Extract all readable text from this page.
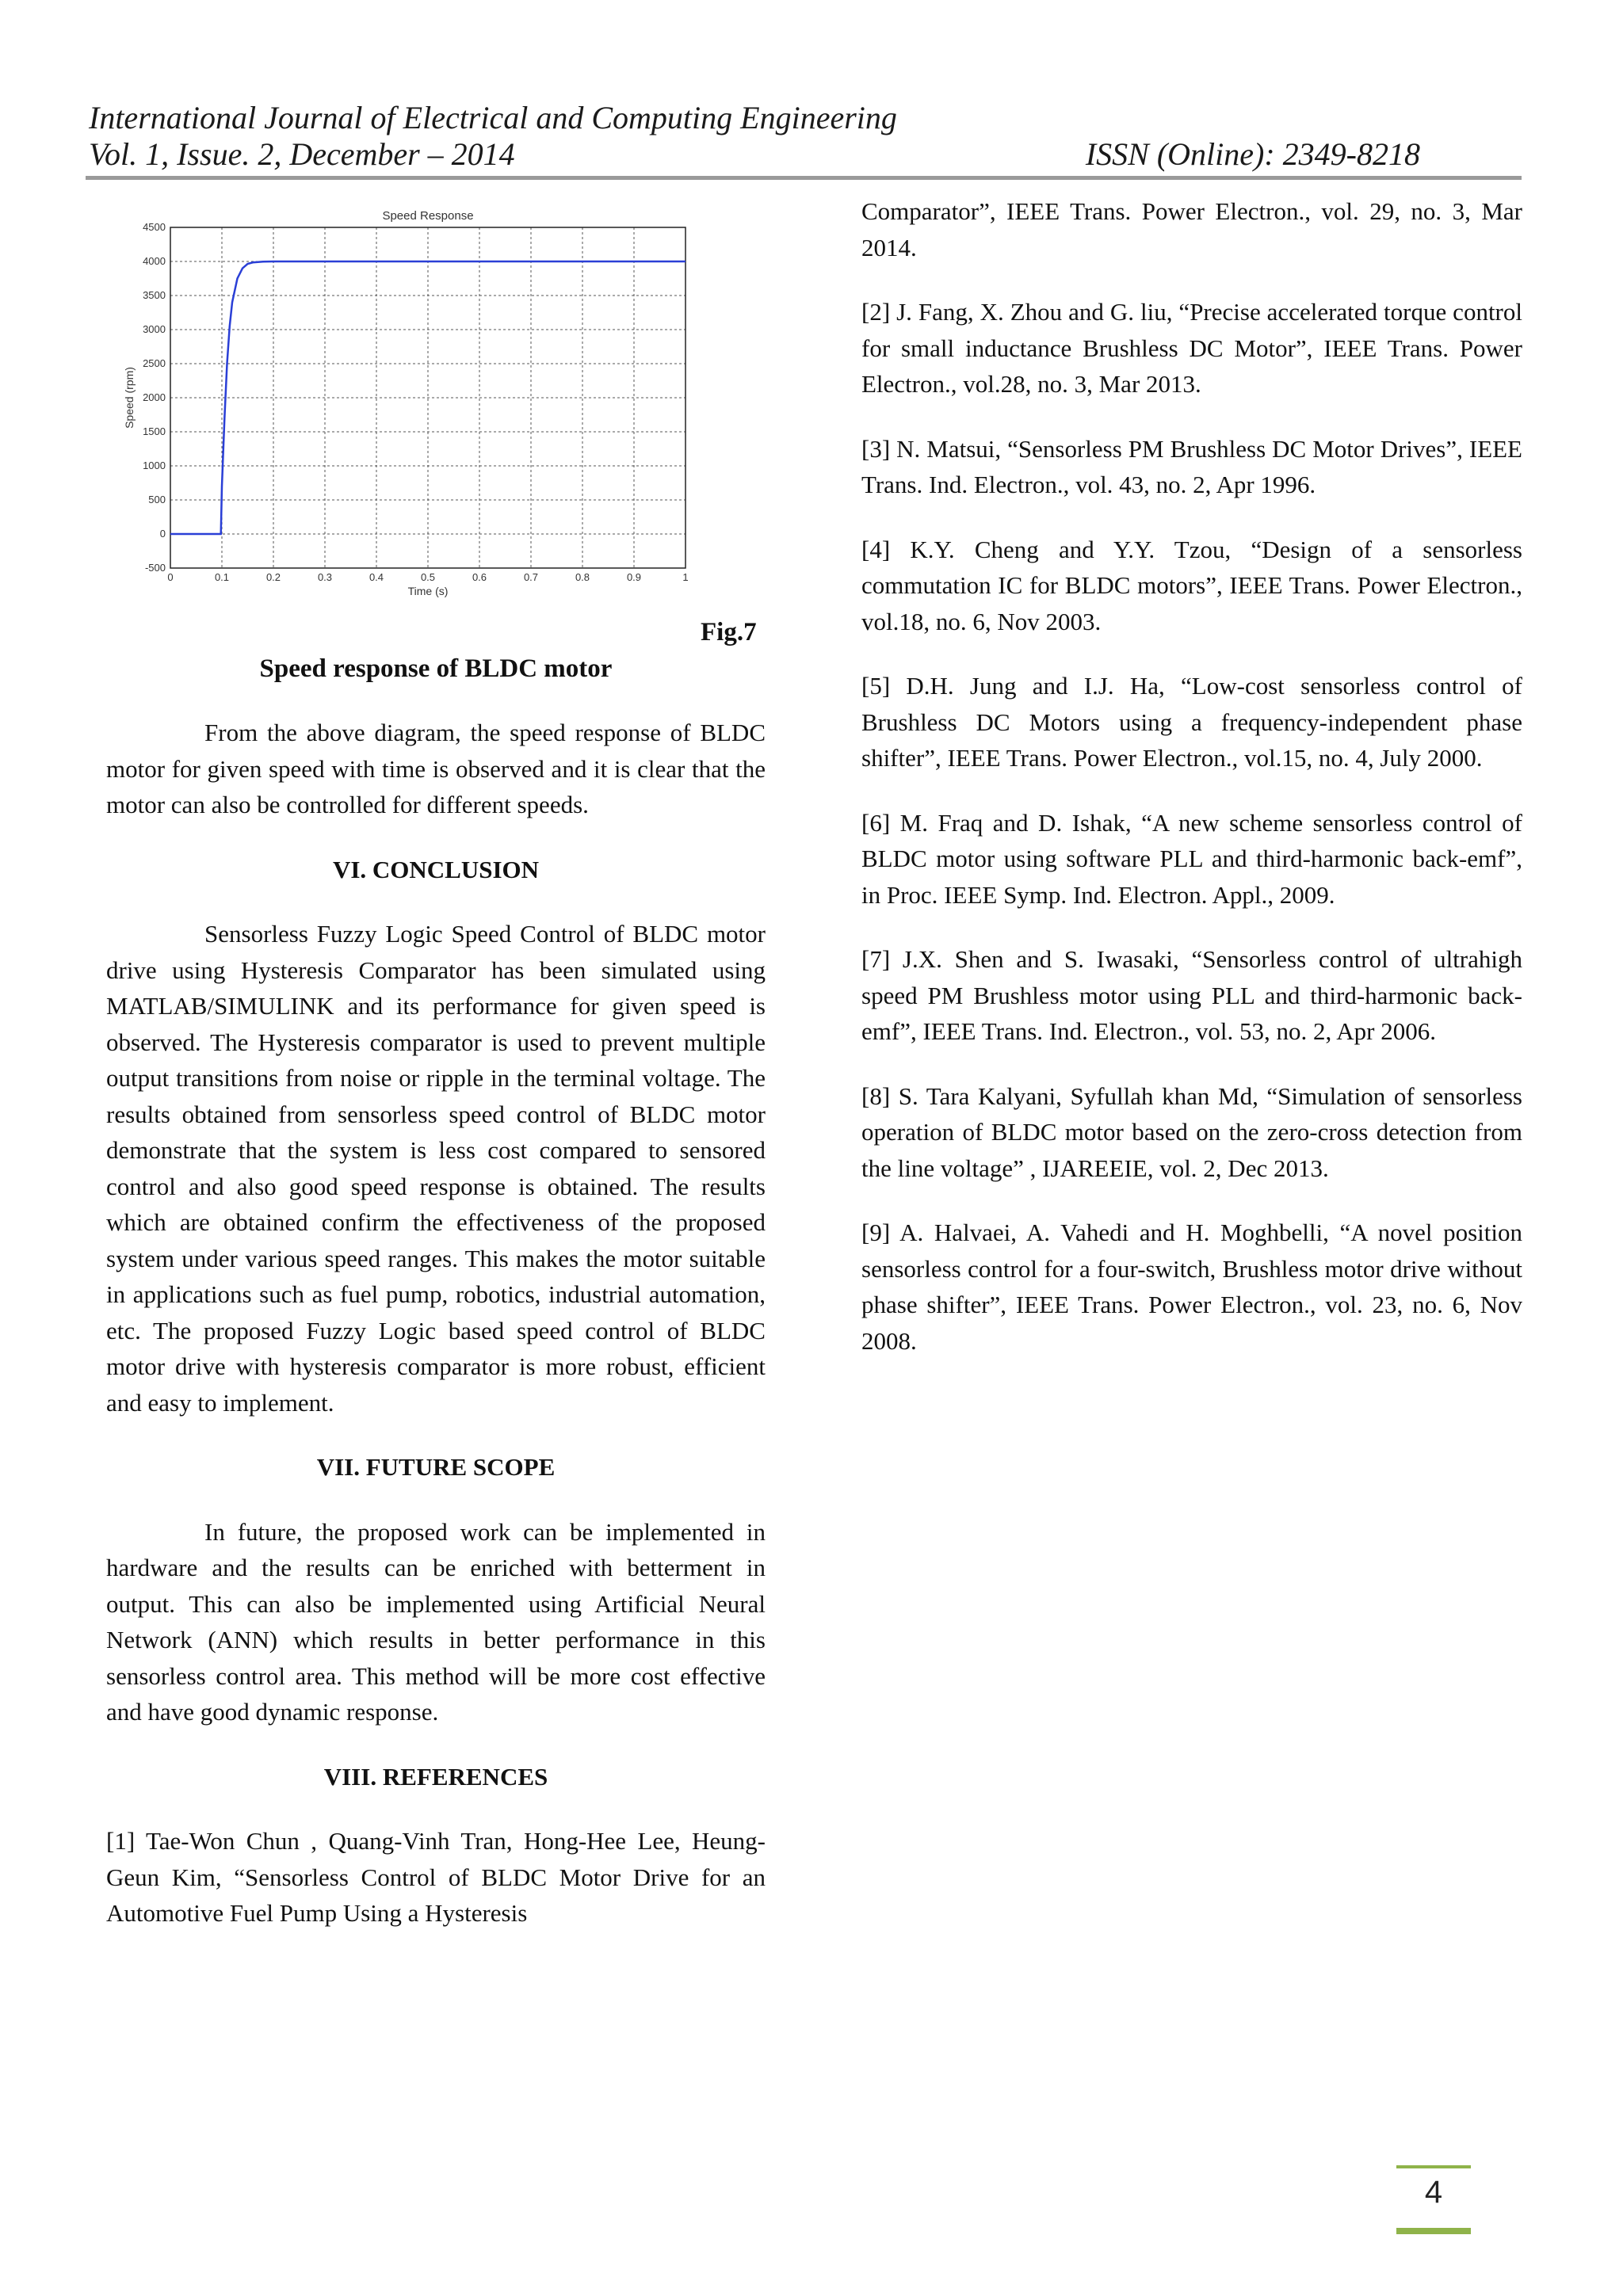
International Journal of Electrical and Computing Engineering
Vol. 1, Issue. 2, December – 2014	ISSN (Online): 2349-8218
0	0.1	0.2	0.3	0.4	0.5	0.6	0.7	0.8	0.9	1
4500
4000
3500
3000
2500
2000
1500
1000
500
0
-500
Speed Response
Time (s)
Speed (rpm)
Fig.7
Speed response of BLDC motor

From the above diagram, the speed response of BLDC motor for given speed with time is observed and it is clear that the motor can also be controlled for different speeds.

VI. CONCLUSION

Sensorless Fuzzy Logic Speed Control of BLDC motor drive using Hysteresis Comparator has been simulated using MATLAB/SIMULINK and its performance for given speed is observed. The Hysteresis comparator is used to prevent multiple output transitions from noise or ripple in the terminal voltage. The results obtained from sensorless speed control of BLDC motor demonstrate that the system is less cost compared to sensored control and also good speed response is obtained. The results which are obtained confirm the effectiveness of the proposed system under various speed ranges. This makes the motor suitable in applications such as fuel pump, robotics, industrial automation, etc. The proposed Fuzzy Logic based speed control of BLDC motor drive with hysteresis comparator is more robust, efficient and easy to implement.

VII. FUTURE SCOPE

In future, the proposed work can be implemented in hardware and the results can be enriched with betterment in output. This can also be implemented using Artificial Neural Network (ANN) which results in better performance in this sensorless control area. This method will be more cost effective and have good dynamic response.

VIII. REFERENCES

[1] Tae-Won Chun , Quang-Vinh Tran, Hong-Hee Lee, Heung-Geun Kim, “Sensorless Control of BLDC Motor Drive for an Automotive Fuel Pump Using a Hysteresis

Comparator”, IEEE Trans. Power Electron., vol. 29, no. 3, Mar 2014.

[2] J. Fang, X. Zhou and G. liu, “Precise accelerated torque control for small inductance Brushless DC Motor”, IEEE Trans. Power Electron., vol.28, no. 3, Mar 2013.

[3] N. Matsui, “Sensorless PM Brushless DC Motor Drives”, IEEE Trans. Ind. Electron., vol. 43, no. 2, Apr 1996.

[4] K.Y. Cheng and Y.Y. Tzou, “Design of a sensorless commutation IC for BLDC motors”, IEEE Trans. Power Electron., vol.18, no. 6, Nov 2003.

[5] D.H. Jung and I.J. Ha, “Low-cost sensorless control of Brushless DC Motors using a frequency-independent phase shifter”, IEEE Trans. Power Electron., vol.15, no. 4, July 2000.

[6] M. Fraq and D. Ishak, “A new scheme sensorless control of BLDC motor using software PLL and third-harmonic back-emf”, in Proc. IEEE Symp. Ind. Electron. Appl., 2009.

[7] J.X. Shen and S. Iwasaki, “Sensorless control of ultrahigh speed PM Brushless motor using PLL and third-harmonic back-emf”, IEEE Trans. Ind. Electron., vol. 53, no. 2, Apr 2006.

[8] S. Tara Kalyani, Syfullah khan Md, “Simulation of sensorless operation of BLDC motor based on the zero-cross detection from the line voltage” , IJAREEIE, vol. 2, Dec 2013.

[9] A. Halvaei, A. Vahedi and H. Moghbelli, “A novel position sensorless control for a four-switch, Brushless motor drive without phase shifter”, IEEE Trans. Power Electron., vol. 23, no. 6, Nov 2008.

4
